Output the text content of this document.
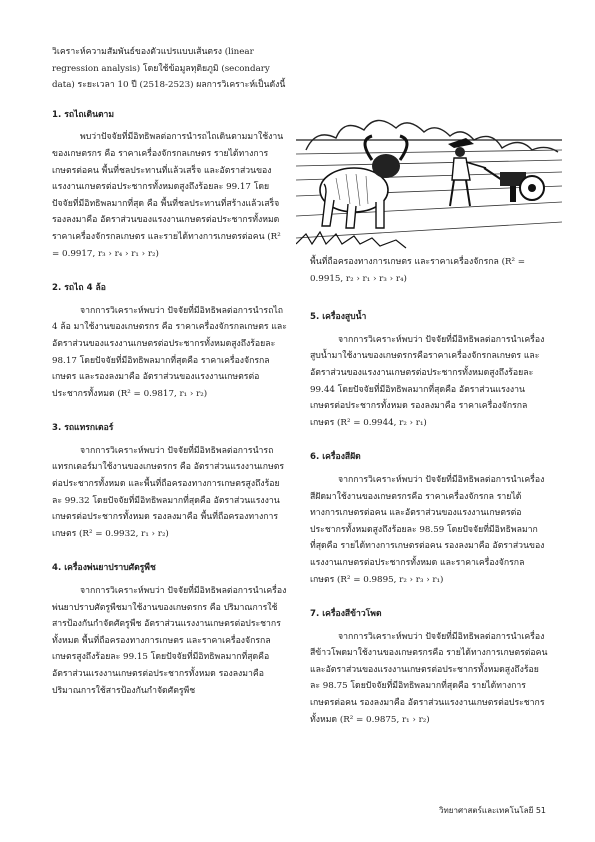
วิเคราะห์ความสัมพันธ์ของตัวแปรแบบเส้นตรง (linear regression analysis) โดยใช้ข้อมูลทุติยภูมิ (secondary data) ระยะเวลา 10 ปี (2518-2523) ผลการวิเคราะห์เป็นดังนี้

1. รถไถเดินตาม

พบว่าปัจจัยที่มีอิทธิพลต่อการนำรถไถเดินตามมาใช้งานของเกษตรกร คือ ราคาเครื่องจักรกลเกษตร รายได้ทางการเกษตรต่อคน พื้นที่ชลประทานที่แล้วเสร็จ และอัตราส่วนของแรงงานเกษตรต่อประชากรทั้งหมดสูงถึงร้อยละ 99.17 โดยปัจจัยที่มีอิทธิพลมากที่สุด คือ พื้นที่ชลประทานที่สร้างแล้วเสร็จ รองลงมาคือ อัตราส่วนของแรงงานเกษตรต่อประชากรทั้งหมด ราคาเครื่องจักรกลเกษตร และรายได้ทางการเกษตรต่อคน (R² = 0.9917, r₃ › r₄ › r₁ › r₂)

2. รถไถ 4 ล้อ

จากการวิเคราะห์พบว่า ปัจจัยที่มีอิทธิพลต่อการนำรถไถ 4 ล้อ มาใช้งานของเกษตรกร คือ ราคาเครื่องจักรกลเกษตร และอัตราส่วนของแรงงานเกษตรต่อประชากรทั้งหมดสูงถึงร้อยละ 98.17 โดยปัจจัยที่มีอิทธิพลมากที่สุดคือ ราคาเครื่องจักรกลเกษตร และรองลงมาคือ อัตราส่วนของแรงงานเกษตรต่อประชากรทั้งหมด (R² = 0.9817, r₁ › r₂)

3. รถแทรกเตอร์

จากการวิเคราะห์พบว่า ปัจจัยที่มีอิทธิพลต่อการนำรถแทรกเตอร์มาใช้งานของเกษตรกร คือ อัตราส่วนแรงงานเกษตรต่อประชากรทั้งหมด และพื้นที่ถือครองทางการเกษตรสูงถึงร้อยละ 99.32 โดยปัจจัยที่มีอิทธิพลมากที่สุดคือ อัตราส่วนแรงงานเกษตรต่อประชากรทั้งหมด รองลงมาคือ พื้นที่ถือครองทางการเกษตร (R² = 0.9932, r₁ › r₂)

4. เครื่องพ่นยาปราบศัตรูพืช

จากการวิเคราะห์พบว่า ปัจจัยที่มีอิทธิพลต่อการนำเครื่องพ่นยาปราบศัตรูพืชมาใช้งานของเกษตรกร คือ ปริมาณการใช้สารป้องกันกำจัดศัตรูพืช อัตราส่วนแรงงานเกษตรต่อประชากรทั้งหมด พื้นที่ถือครองทางการเกษตร และราคาเครื่องจักรกลเกษตรสูงถึงร้อยละ 99.15 โดยปัจจัยที่มีอิทธิพลมากที่สุดคือ อัตราส่วนแรงงานเกษตรต่อประชากรทั้งหมด รองลงมาคือ ปริมาณการใช้สารป้องกันกำจัดศัตรูพืช

พื้นที่ถือครองทางการเกษตร และราคาเครื่องจักรกล (R² = 0.9915, r₂ › r₁ › r₃ › r₄)

5. เครื่องสูบน้ำ

จากการวิเคราะห์พบว่า ปัจจัยที่มีอิทธิพลต่อการนำเครื่องสูบน้ำมาใช้งานของเกษตรกรคือราคาเครื่องจักรกลเกษตร และอัตราส่วนของแรงงานเกษตรต่อประชากรทั้งหมดสูงถึงร้อยละ 99.44 โดยปัจจัยที่มีอิทธิพลมากที่สุดคือ อัตราส่วนแรงงานเกษตรต่อประชากรทั้งหมด รองลงมาคือ ราคาเครื่องจักรกลเกษตร (R² = 0.9944, r₂ › r₁)

6. เครื่องสีฝัด

จากการวิเคราะห์พบว่า ปัจจัยที่มีอิทธิพลต่อการนำเครื่องสีฝัดมาใช้งานของเกษตรกรคือ ราคาเครื่องจักรกล รายได้ทางการเกษตรต่อคน และอัตราส่วนของแรงงานเกษตรต่อประชากรทั้งหมดสูงถึงร้อยละ 98.59 โดยปัจจัยที่มีอิทธิพลมากที่สุดคือ รายได้ทางการเกษตรต่อคน รองลงมาคือ อัตราส่วนของแรงงานเกษตรต่อประชากรทั้งหมด และราคาเครื่องจักรกลเกษตร (R² = 0.9895, r₂ › r₃ › r₁)

7. เครื่องสีข้าวโพด

จากการวิเคราะห์พบว่า ปัจจัยที่มีอิทธิพลต่อการนำเครื่องสีข้าวโพดมาใช้งานของเกษตรกรคือ รายได้ทางการเกษตรต่อคน และอัตราส่วนของแรงงานเกษตรต่อประชากรทั้งหมดสูงถึงร้อยละ 98.75 โดยปัจจัยที่มีอิทธิพลมากที่สุดคือ รายได้ทางการเกษตรต่อคน รองลงมาคือ อัตราส่วนแรงงานเกษตรต่อประชากรทั้งหมด (R² = 0.9875, r₁ › r₂)

วิทยาศาสตร์และเทคโนโลยี 51
